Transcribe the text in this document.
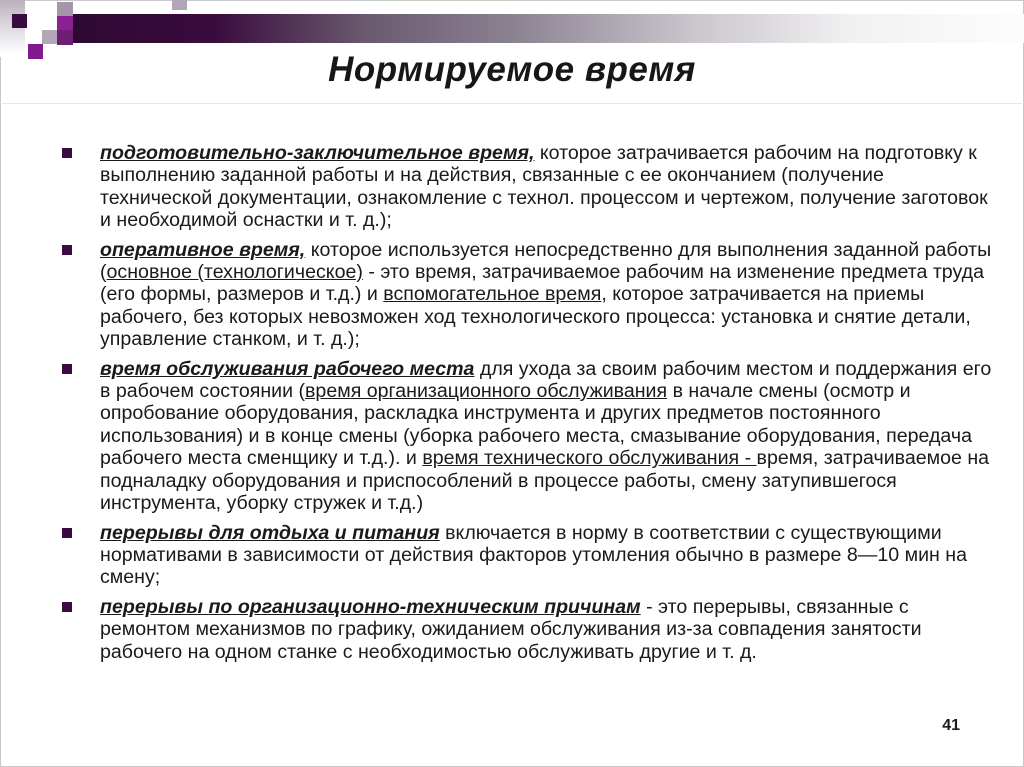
Нормируемое время
подготовительно-заключительное время, которое затрачивается рабочим на подготовку к выполнению заданной работы и на действия, связанные с ее окончанием (получение технической документации, ознакомление с технол. процессом и чертежом, получение заготовок и необходимой оснастки и т. д.);
оперативное время, которое используется непосредственно для выполнения заданной работы (основное (технологическое) - это время, затрачиваемое рабочим на изменение предмета труда (его формы, размеров и т.д.) и вспомогательное время, которое затрачивается на приемы рабочего, без которых невозможен ход технологического процесса: установка и снятие детали, управление станком, и т. д.);
время обслуживания рабочего места для ухода за своим рабочим местом и поддержания его в рабочем состоянии (время организационного обслуживания в начале смены (осмотр и опробование оборудования, раскладка инструмента и других предметов постоянного использования) и в конце смены (уборка рабочего места, смазывание оборудования, передача рабочего места сменщику и т.д.). и время технического обслуживания - время, затрачиваемое на подналадку оборудования и приспособлений в процессе работы, смену затупившегося инструмента, уборку стружек и т.д.)
перерывы для отдыха и питания включается в норму в соответствии с существующими нормативами в зависимости от действия факторов утомления обычно в размере 8—10 мин на смену;
перерывы по организационно-техническим причинам - это перерывы, связанные с ремонтом механизмов по графику, ожиданием обслуживания из-за совпадения занятости рабочего на одном станке с необходимостью обслуживать другие и т. д.
41
